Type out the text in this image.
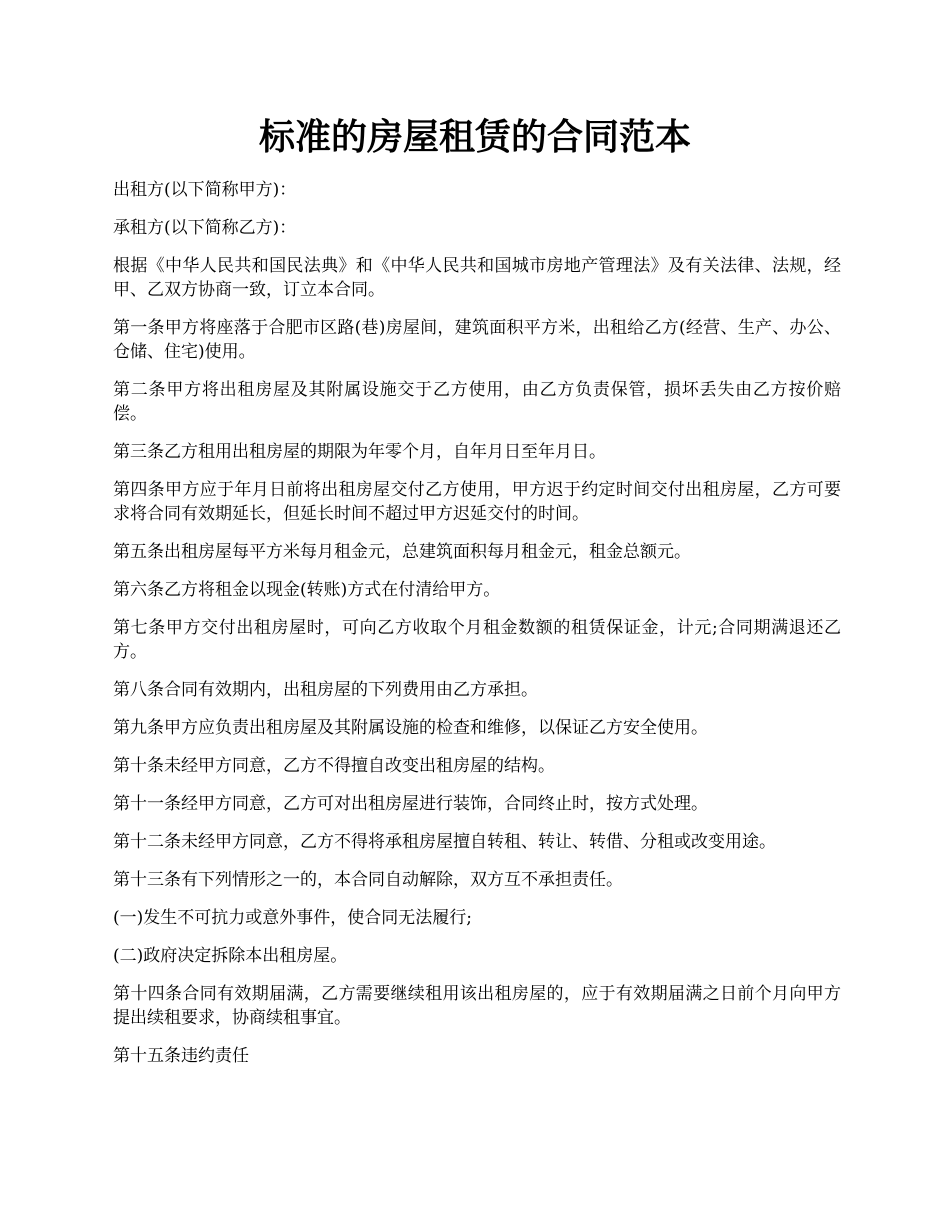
标准的房屋租赁的合同范本

出租方(以下简称甲方)：

承租方(以下简称乙方)：

根据《中华人民共和国民法典》和《中华人民共和国城市房地产管理法》及有关法律、法规，经甲、乙双方协商一致，订立本合同。

第一条甲方将座落于合肥市区路(巷)房屋间，建筑面积平方米，出租给乙方(经营、生产、办公、仓储、住宅)使用。

第二条甲方将出租房屋及其附属设施交于乙方使用，由乙方负责保管，损坏丢失由乙方按价赔偿。

第三条乙方租用出租房屋的期限为年零个月，自年月日至年月日。

第四条甲方应于年月日前将出租房屋交付乙方使用，甲方迟于约定时间交付出租房屋，乙方可要求将合同有效期延长，但延长时间不超过甲方迟延交付的时间。

第五条出租房屋每平方米每月租金元，总建筑面积每月租金元，租金总额元。

第六条乙方将租金以现金(转账)方式在付清给甲方。

第七条甲方交付出租房屋时，可向乙方收取个月租金数额的租赁保证金，计元;合同期满退还乙方。

第八条合同有效期内，出租房屋的下列费用由乙方承担。

第九条甲方应负责出租房屋及其附属设施的检查和维修，以保证乙方安全使用。

第十条未经甲方同意，乙方不得擅自改变出租房屋的结构。

第十一条经甲方同意，乙方可对出租房屋进行装饰，合同终止时，按方式处理。

第十二条未经甲方同意，乙方不得将承租房屋擅自转租、转让、转借、分租或改变用途。

第十三条有下列情形之一的，本合同自动解除，双方互不承担责任。

(一)发生不可抗力或意外事件，使合同无法履行;

(二)政府决定拆除本出租房屋。

第十四条合同有效期届满，乙方需要继续租用该出租房屋的，应于有效期届满之日前个月向甲方提出续租要求，协商续租事宜。

第十五条违约责任
